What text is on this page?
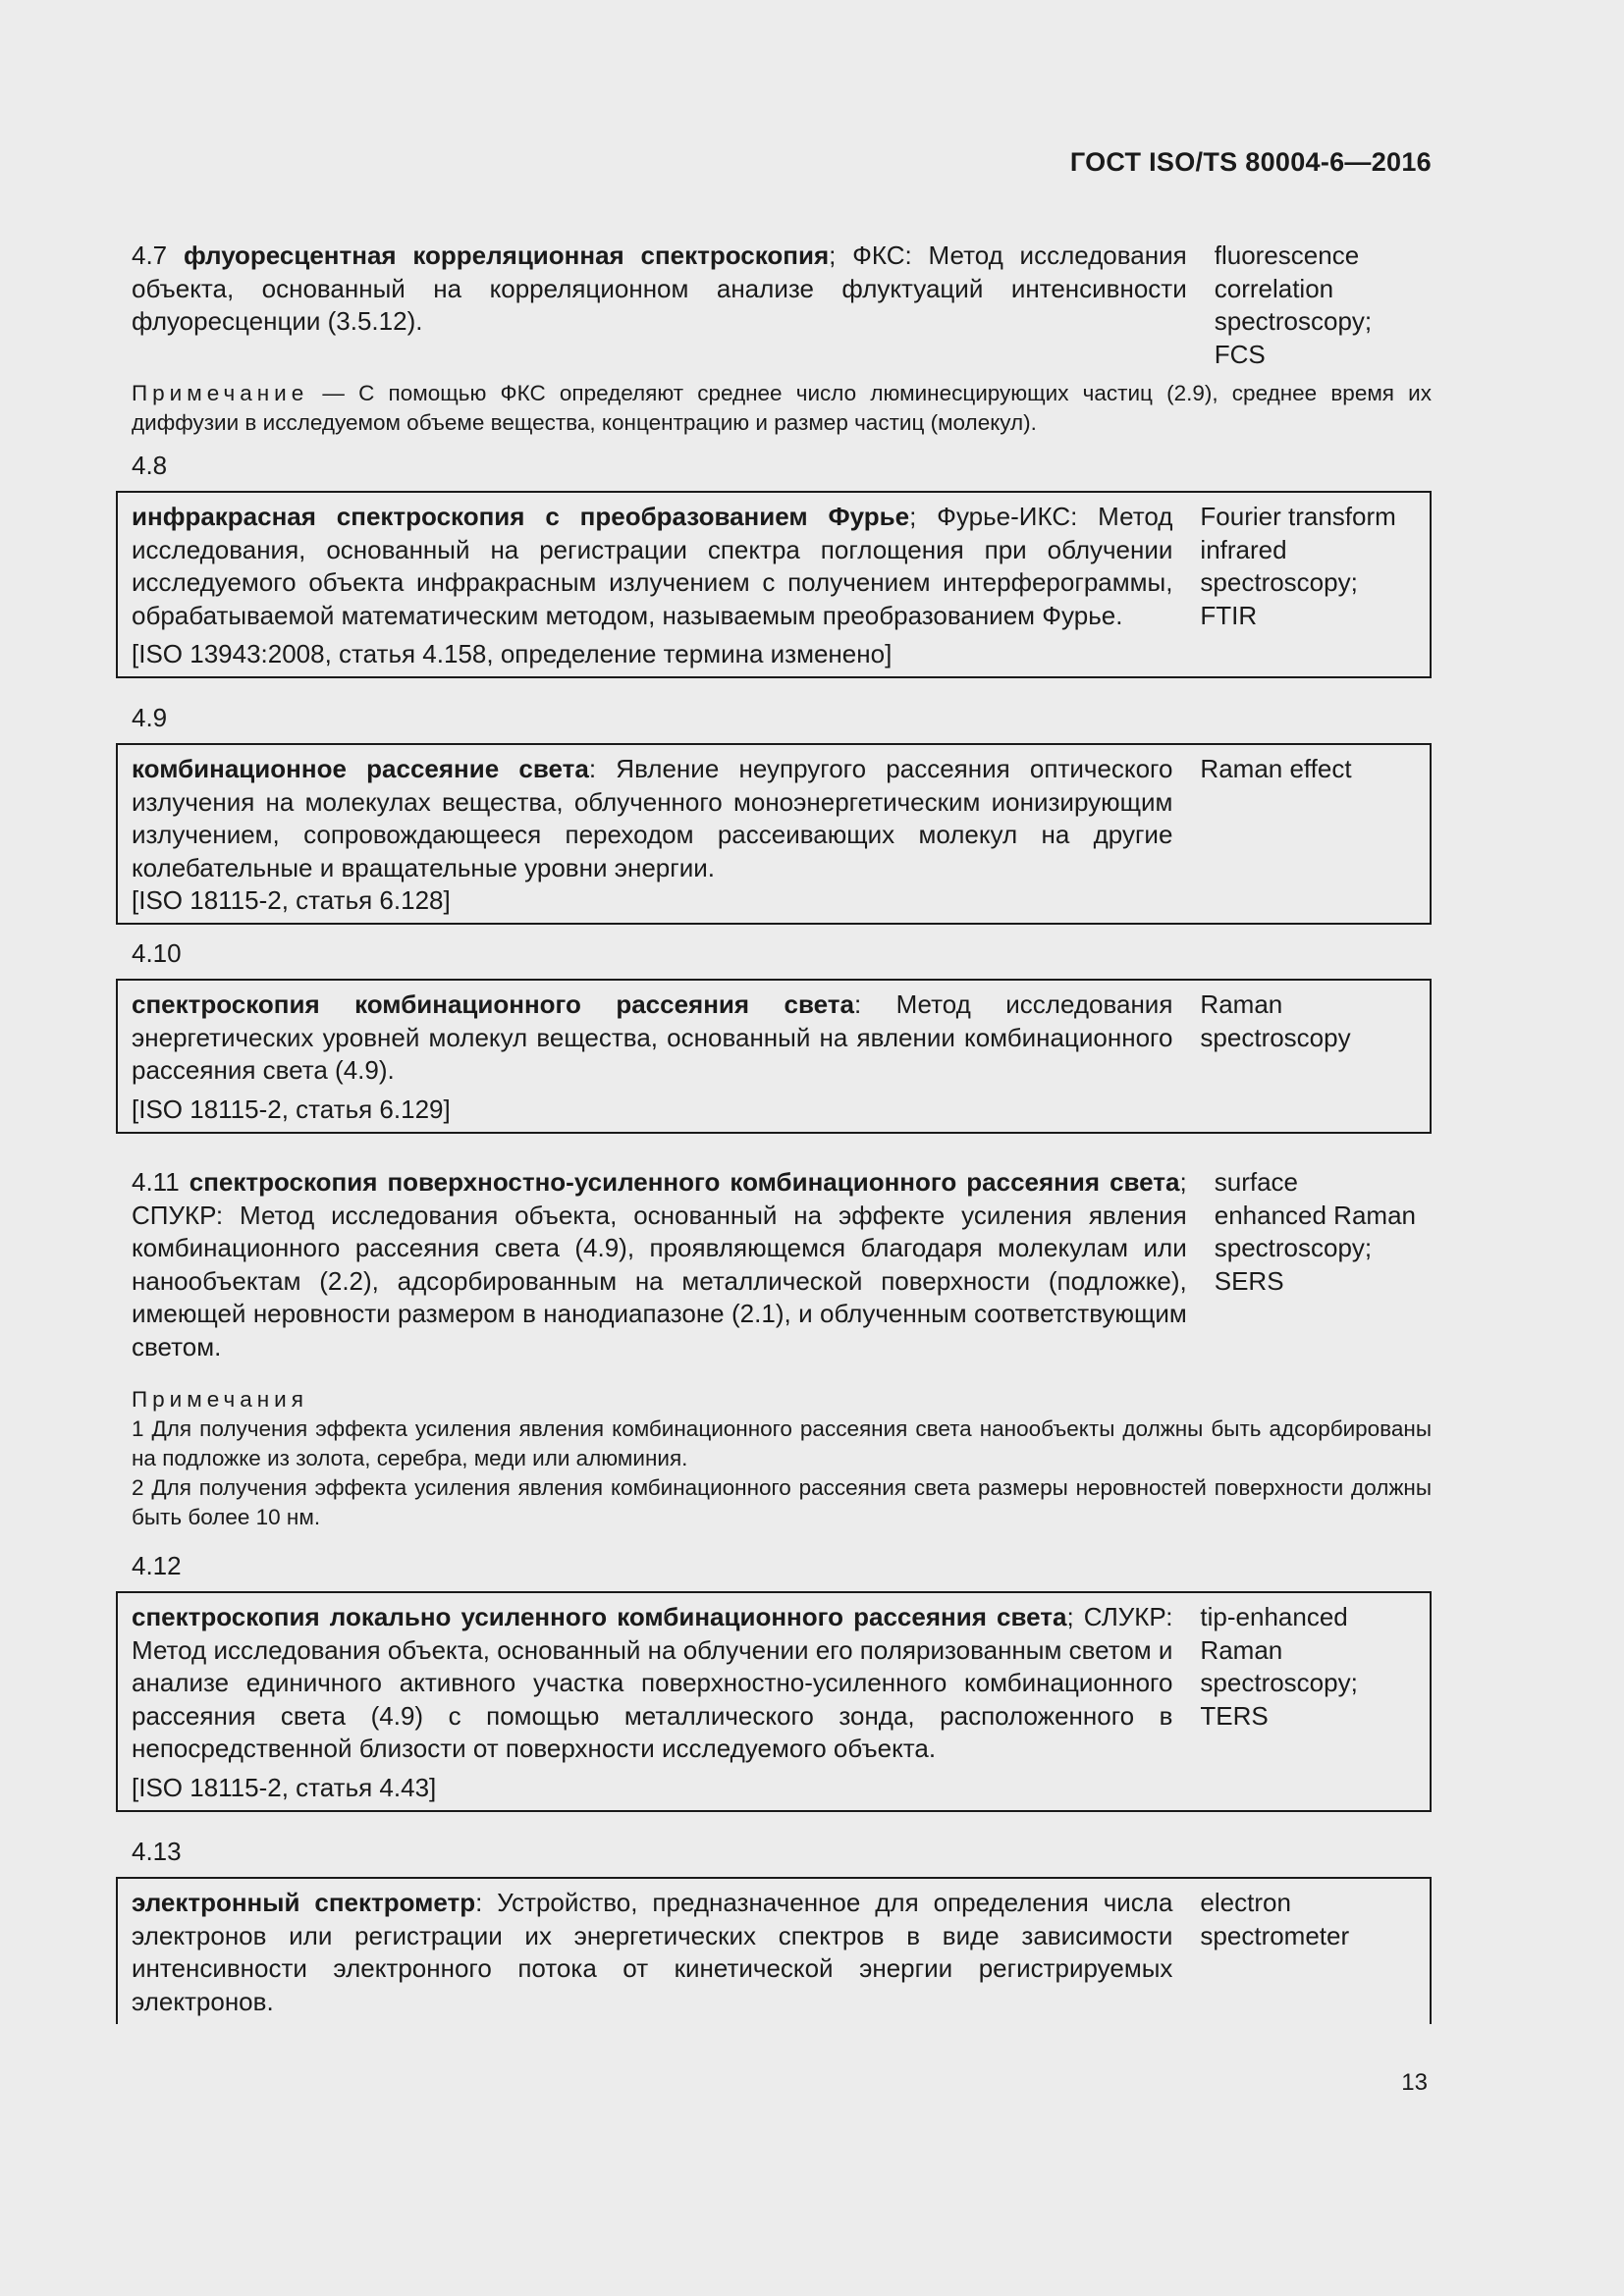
ГОСТ ISO/TS 80004-6—2016
4.7 флуоресцентная корреляционная спектроскопия; ФКС: Метод исследования объекта, основанный на корреляционном анализе флуктуаций интенсивности флуоресценции (3.5.12).
fluorescence
correlation
spectroscopy;
FCS
Примечание — С помощью ФКС определяют среднее число люминесцирующих частиц (2.9), среднее время их диффузии в исследуемом объеме вещества, концентрацию и размер частиц (молекул).
4.8
инфракрасная спектроскопия с преобразованием Фурье; Фурье-ИКС: Метод исследования, основанный на регистрации спектра поглощения при облучении исследуемого объекта инфракрасным излучением с получением интерферограммы, обрабатываемой математическим методом, называемым преобразованием Фурье.
Fourier transform
infrared
spectroscopy;
FTIR
[ISO 13943:2008, статья 4.158, определение термина изменено]
4.9
комбинационное рассеяние света: Явление неупругого рассеяния оптического излучения на молекулах вещества, облученного моноэнергетическим ионизирующим излучением, сопровождающееся переходом рассеивающих молекул на другие колебательные и вращательные уровни энергии.
Raman effect
[ISO 18115-2, статья 6.128]
4.10
спектроскопия комбинационного рассеяния света: Метод исследования энергетических уровней молекул вещества, основанный на явлении комбинационного рассеяния света (4.9).
Raman
spectroscopy
[ISO 18115-2, статья 6.129]
4.11 спектроскопия поверхностно-усиленного комбинационного рассеяния света; СПУКР: Метод исследования объекта, основанный на эффекте усиления явления комбинационного рассеяния света (4.9), проявляющемся благодаря молекулам или нанообъектам (2.2), адсорбированным на металлической поверхности (подложке), имеющей неровности размером в нанодиапазоне (2.1), и облученным соответствующим светом.
surface
enhanced Raman
spectroscopy;
SERS
Примечания
1 Для получения эффекта усиления явления комбинационного рассеяния света нанообъекты должны быть адсорбированы на подложке из золота, серебра, меди или алюминия.
2 Для получения эффекта усиления явления комбинационного рассеяния света размеры неровностей поверхности должны быть более 10 нм.
4.12
спектроскопия локально усиленного комбинационного рассеяния света; СЛУКР: Метод исследования объекта, основанный на облучении его поляризованным светом и анализе единичного активного участка поверхностно-усиленного комбинационного рассеяния света (4.9) с помощью металлического зонда, расположенного в непосредственной близости от поверхности исследуемого объекта.
tip-enhanced
Raman
spectroscopy;
TERS
[ISO 18115-2, статья 4.43]
4.13
электронный спектрометр: Устройство, предназначенное для определения числа электронов или регистрации их энергетических спектров в виде зависимости интенсивности электронного потока от кинетической энергии регистрируемых электронов.
electron
spectrometer
13
